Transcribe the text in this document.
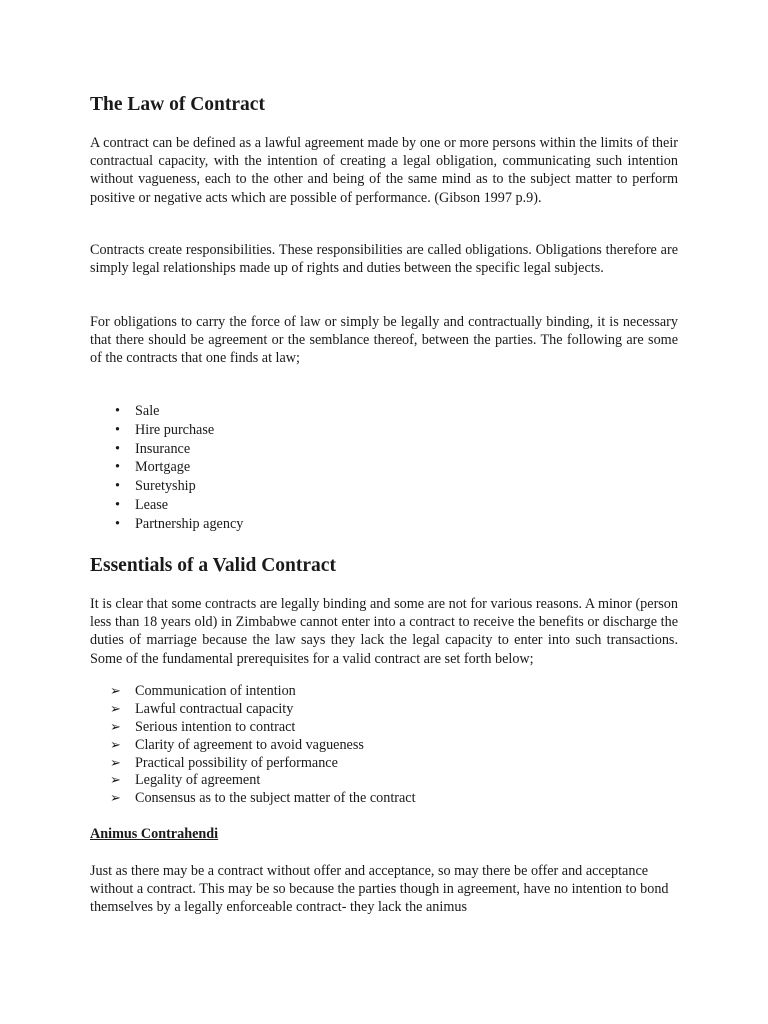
The Law of Contract

A contract can be defined as a lawful agreement made by one or more persons within the limits of their contractual capacity, with the intention of creating a legal obligation, communicating such intention without vagueness, each to the other and being of the same mind as to the subject matter to perform positive or negative acts which are possible of performance. (Gibson 1997 p.9).

Contracts create responsibilities. These responsibilities are called obligations. Obligations therefore are simply legal relationships made up of rights and duties between the specific legal subjects.

For obligations to carry the force of law or simply be legally and contractually binding, it is necessary that there should be agreement or the semblance thereof, between the parties. The following are some of the contracts that one finds at law;

• Sale
• Hire purchase
• Insurance
• Mortgage
• Suretyship
• Lease
• Partnership agency
Essentials of a Valid Contract

It is clear that some contracts are legally binding and some are not for various reasons. A minor (person less than 18 years old) in Zimbabwe cannot enter into a contract to receive the benefits or discharge the duties of marriage because the law says they lack the legal capacity to enter into such transactions. Some of the fundamental prerequisites for a valid contract are set forth below;

➢ Communication of intention
➢ Lawful contractual capacity
➢ Serious intention to contract
➢ Clarity of agreement to avoid vagueness
➢ Practical possibility of performance
➢ Legality of agreement
➢ Consensus as to the subject matter of the contract
Animus Contrahendi

Just as there may be a contract without offer and acceptance, so may there be offer and acceptance without a contract. This may be so because the parties though in agreement, have no intention to bond themselves by a legally enforceable contract- they lack the animus
